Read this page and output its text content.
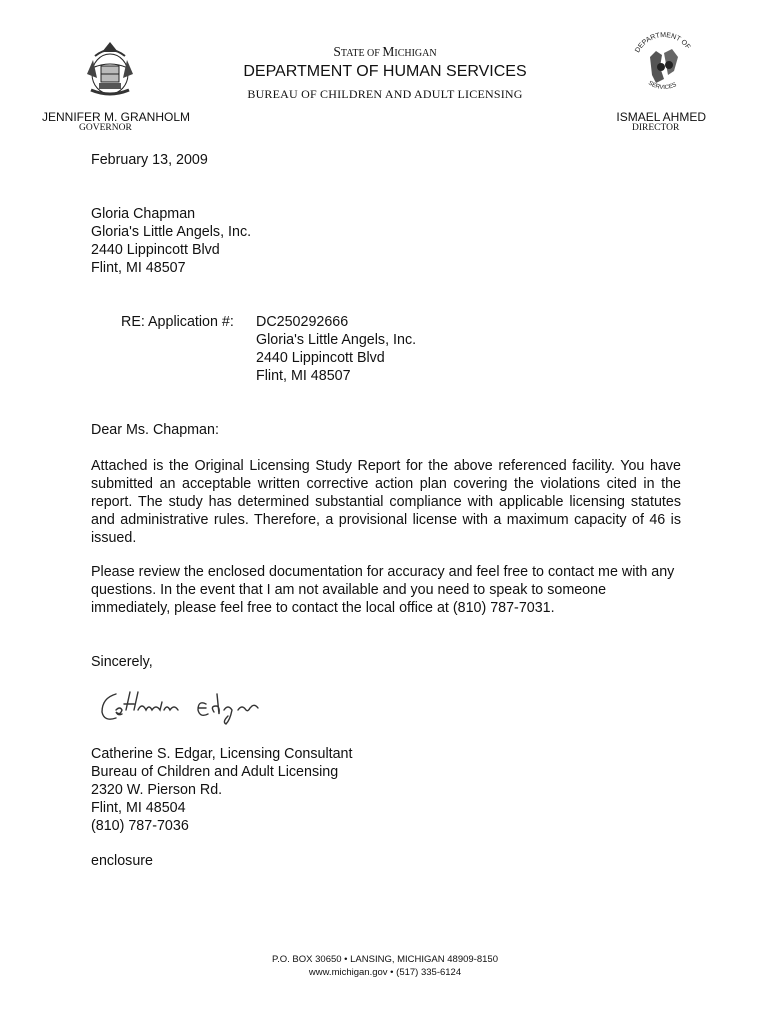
DEPARTMENT OF
SERVICES
STATE OF MICHIGAN
DEPARTMENT OF HUMAN SERVICES
BUREAU OF CHILDREN AND ADULT LICENSING
JENNIFER M. GRANHOLM
GOVERNOR
ISMAEL AHMED
DIRECTOR
February 13, 2009
Gloria Chapman
Gloria's Little Angels, Inc.
2440 Lippincott Blvd
Flint, MI 48507
RE: Application #: DC250292666
Gloria's Little Angels, Inc.
2440 Lippincott Blvd
Flint, MI 48507
Dear Ms. Chapman:
Attached is the Original Licensing Study Report for the above referenced facility. You have submitted an acceptable written corrective action plan covering the violations cited in the report. The study has determined substantial compliance with applicable licensing statutes and administrative rules. Therefore, a provisional license with a maximum capacity of 46 is issued.
Please review the enclosed documentation for accuracy and feel free to contact me with any questions. In the event that I am not available and you need to speak to someone immediately, please feel free to contact the local office at (810) 787-7031.
Sincerely,
Catherine S. Edgar, Licensing Consultant
Bureau of Children and Adult Licensing
2320 W. Pierson Rd.
Flint, MI 48504
(810) 787-7036
enclosure
P.O. BOX 30650 • LANSING, MICHIGAN 48909-8150
www.michigan.gov • (517) 335-6124
